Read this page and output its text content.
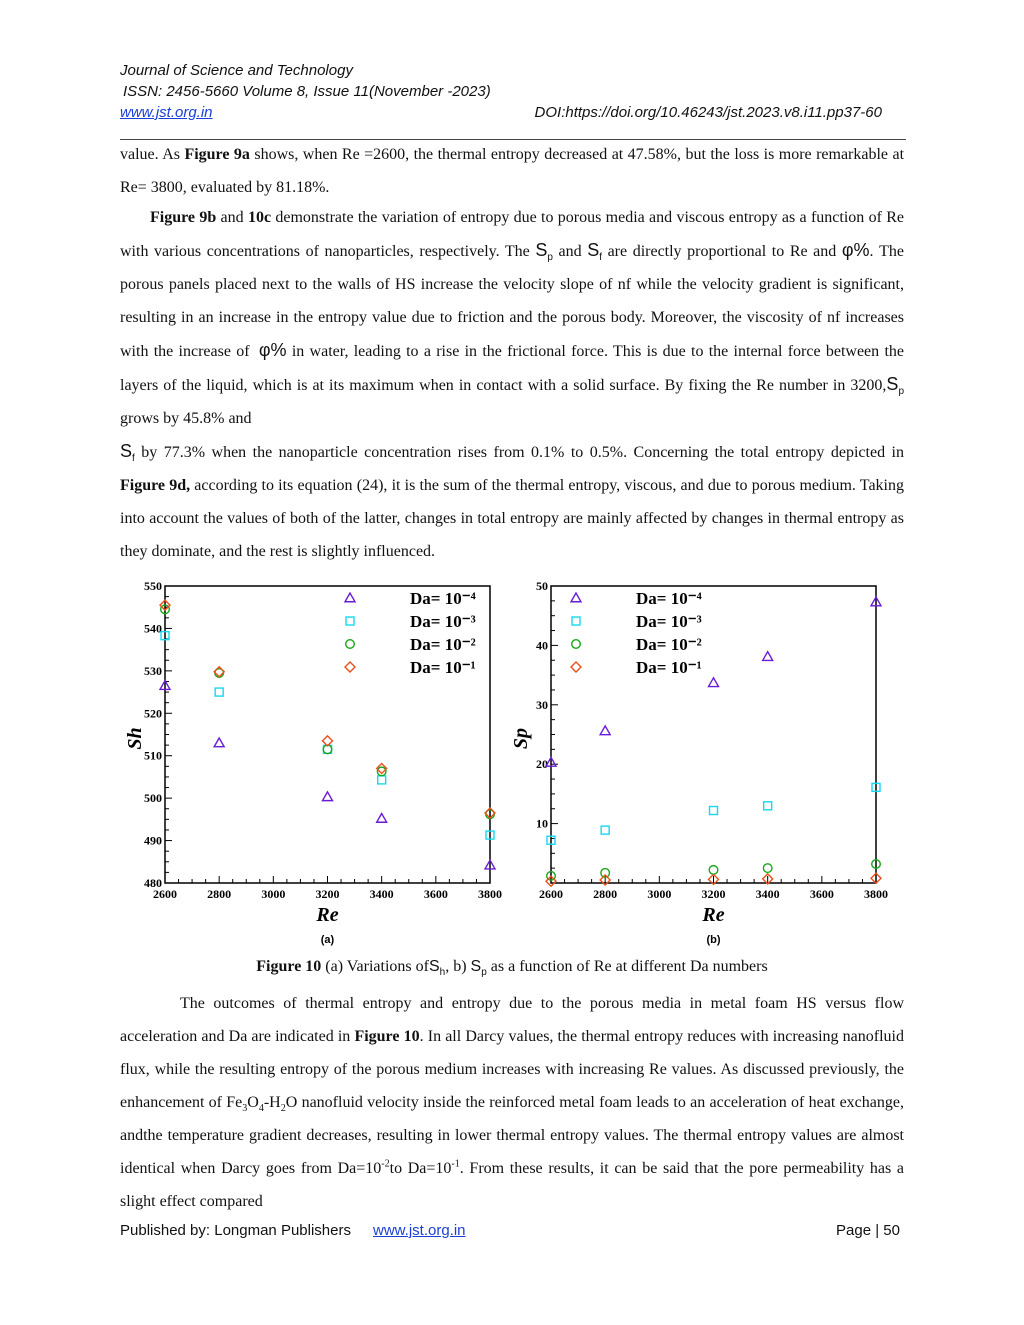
Journal of Science and Technology
ISSN: 2456-5660 Volume 8, Issue 11(November -2023)
www.jst.org.in	DOI:https://doi.org/10.46243/jst.2023.v8.i11.pp37-60

value. As Figure 9a shows, when Re =2600, the thermal entropy decreased at 47.58%, but the loss is more remarkable at Re= 3800, evaluated by 81.18%.

Figure 9b and 10c demonstrate the variation of entropy due to porous media and viscous entropy as a function of Re with various concentrations of nanoparticles, respectively. The $S_p$ and $S_f$ are directly proportional to Re and φ%. The porous panels placed next to the walls of HS increase the velocity slope of nf while the velocity gradient is significant, resulting in an increase in the entropy value due to friction and the porous body. Moreover, the viscosity of nf increases with the increase of φ% in water, leading to a rise in the frictional force. This is due to the internal force between the layers of the liquid, which is at its maximum when in contact with a solid surface. By fixing the Re number in $3200,S_p$ grows by 45.8% and
$S_f$ by 77.3% when the nanoparticle concentration rises from 0.1% to 0.5%. Concerning the total entropy depicted in Figure 9d, according to its equation (24), it is the sum of the thermal entropy, viscous, and due to porous medium. Taking into account the values of both of the latter, changes in total entropy are mainly affected by changes in thermal entropy as they dominate, and the rest is slightly influenced.

2600	2800	3000	3200	3400	3600	3800
480
490
500
510
520
530
540
550
Re
Sh
(a)
Da= 10⁻⁴
Da= 10⁻³
Da= 10⁻²
Da= 10⁻¹
2600	2800	3000	3200	3400	3600	3800
10
20
30
40
50
Re
Sp
(b)
Da= 10⁻⁴
Da= 10⁻³
Da= 10⁻²
Da= 10⁻¹
Figure 10 (a) Variations ofS$_h$, b) $S_p$ as a function of Re at different Da numbers

The outcomes of thermal entropy and entropy due to the porous media in metal foam HS versus flow acceleration and Da are indicated in Figure 10. In all Darcy values, the thermal entropy reduces with increasing nanofluid flux, while the resulting entropy of the porous medium increases with increasing Re values. As discussed previously, the enhancement of $Fe_3O_4-H_2O$ nanofluid velocity inside the reinforced metal foam leads to an acceleration of heat exchange, andthe temperature gradient decreases, resulting in lower thermal entropy values. The thermal entropy values are almost identical when Darcy goes from $Da=10^{-2}to$ $Da=10^{-1}$. From these results, it can be said that the pore permeability has a slight effect compared

Published by: Longman Publishers www.jst.org.in	Page | 50
